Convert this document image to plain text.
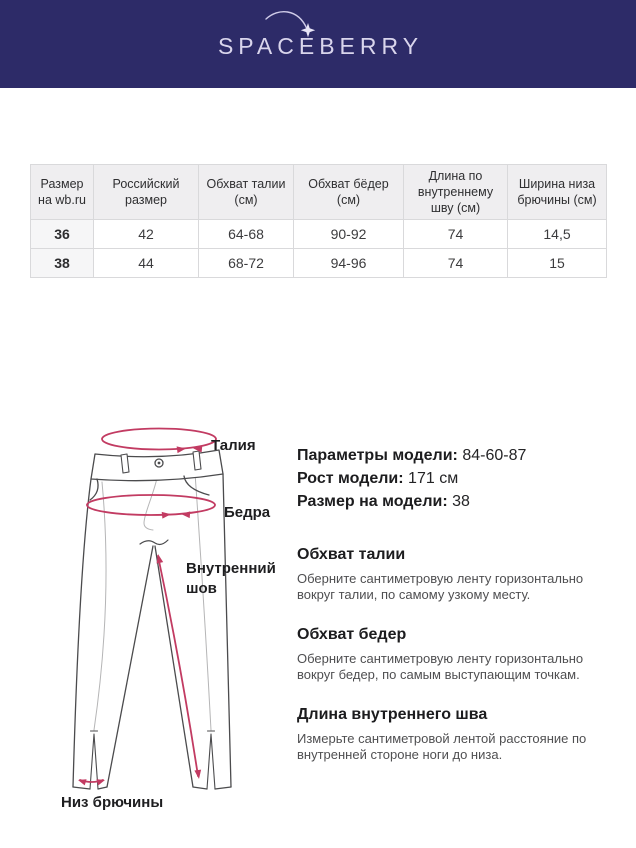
SPACEBERRY
Размер на wb.ru	Российский размер	Обхват талии (см)	Обхват бёдер (см)	Длина по внутреннему шву (см)	Ширина низа брючины (см)
36	42	64-68	90-92	74	14,5
38	44	68-72	94-96	74	15
Талия
Бедра
Внутренний
шов
Низ брючины
Параметры модели: 84-60-87
Рост модели: 171 см
Размер на модели: 38
Обхват талии
Оберните сантиметровую ленту горизонтально вокруг талии, по самому узкому месту.
Обхват бедер
Оберните сантиметровую ленту горизонтально вокруг бедер, по самым выступающим точкам.
Длина внутреннего шва
Измерьте сантиметровой лентой расстояние по внутренней стороне ноги до низа.
